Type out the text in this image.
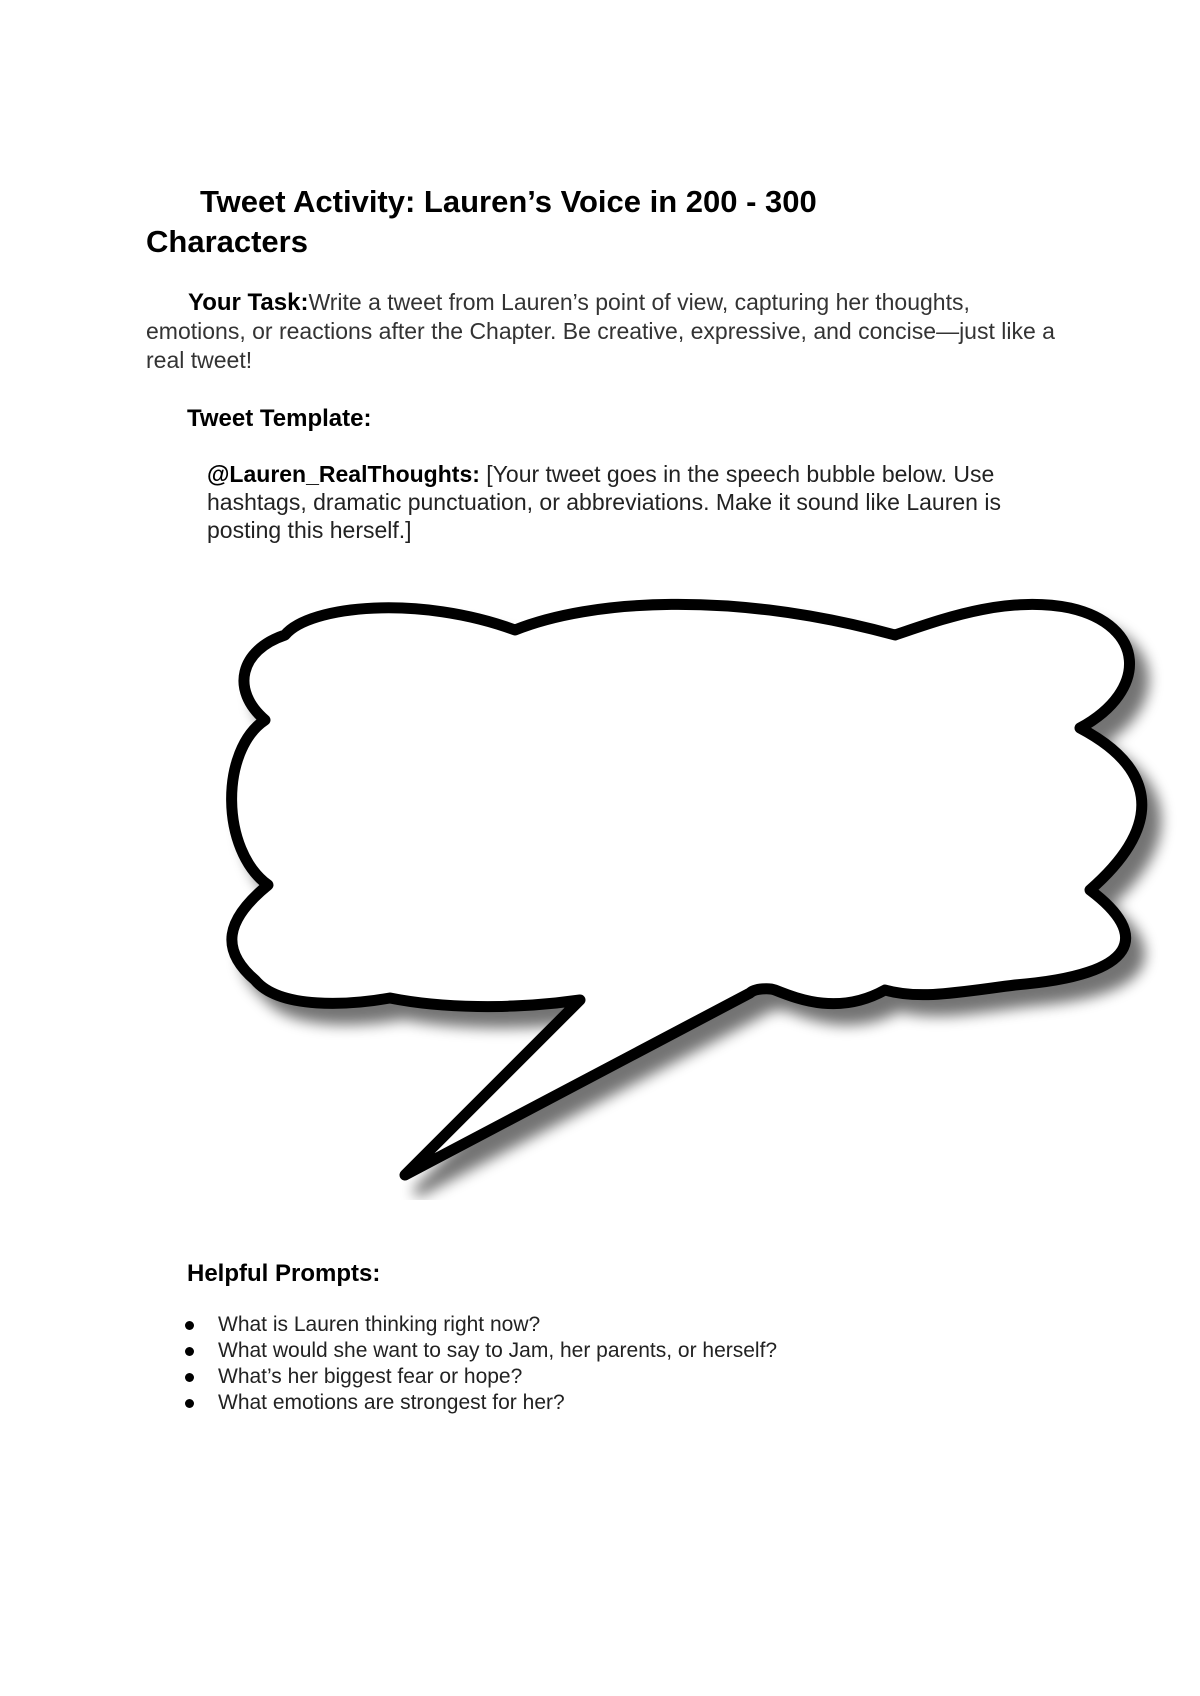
Tweet Activity: Lauren’s Voice in 200 - 300
Characters

Your Task:Write a tweet from Lauren’s point of view, capturing her thoughts, emotions, or reactions after the Chapter. Be creative, expressive, and concise—just like a real tweet!

Tweet Template:

@Lauren_RealThoughts: [Your tweet goes in the speech bubble below. Use hashtags, dramatic punctuation, or abbreviations. Make it sound like Lauren is posting this herself.]

Helpful Prompts:
What is Lauren thinking right now?
What would she want to say to Jam, her parents, or herself?
What’s her biggest fear or hope?
What emotions are strongest for her?
